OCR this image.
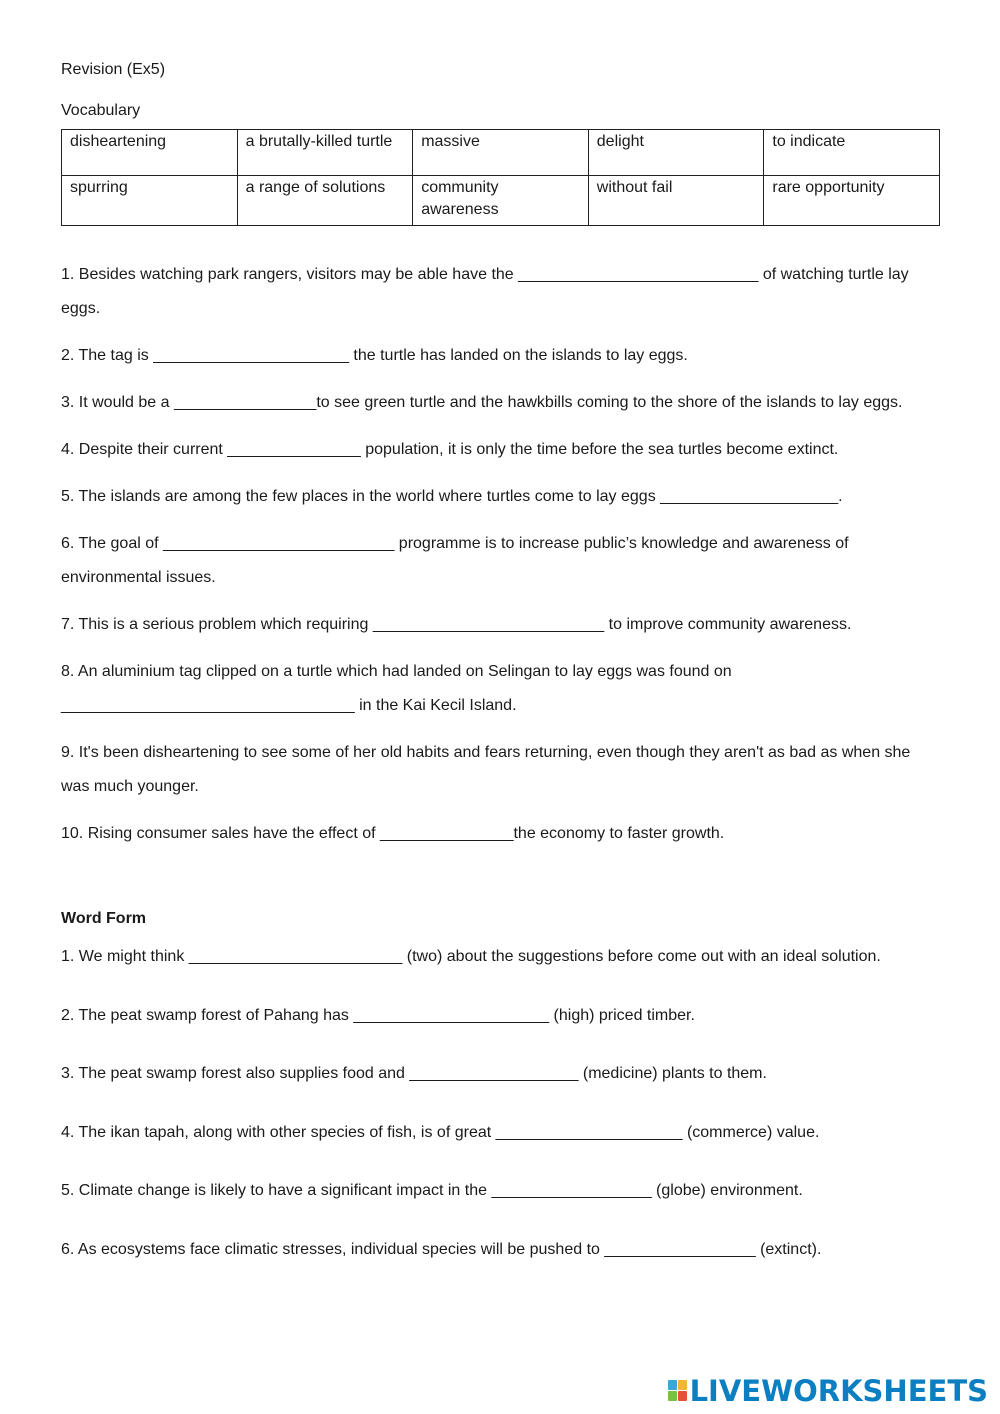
Revision (Ex5)
Vocabulary
disheartening	a brutally-killed turtle	massive	delight	to indicate
spurring	a range of solutions	community awareness	without fail	rare opportunity

1. Besides watching park rangers, visitors may be able have the ___________________________ of watching turtle lay eggs.

2. The tag is ______________________ the turtle has landed on the islands to lay eggs.

3. It would be a ________________to see green turtle and the hawkbills coming to the shore of the islands to lay eggs.

4. Despite their current _______________ population, it is only the time before the sea turtles become extinct.

5. The islands are among the few places in the world where turtles come to lay eggs ____________________.

6. The goal of __________________________ programme is to increase public’s knowledge and awareness of environmental issues.

7. This is a serious problem which requiring __________________________ to improve community awareness.

8. An aluminium tag clipped on a turtle which had landed on Selingan to lay eggs was found on _________________________________ in the Kai Kecil Island.

9. It's been disheartening to see some of her old habits and fears returning, even though they aren't as bad as when she was much younger.

10. Rising consumer sales have the effect of _______________the economy to faster growth.

Word Form

1. We might think ________________________ (two) about the suggestions before come out with an ideal solution.

2. The peat swamp forest of Pahang has ______________________ (high) priced timber.

3. The peat swamp forest also supplies food and ___________________ (medicine) plants to them.

4. The ikan tapah, along with other species of fish, is of great _____________________ (commerce) value.

5. Climate change is likely to have a significant impact in the __________________ (globe) environment.

6. As ecosystems face climatic stresses, individual species will be pushed to _________________ (extinct).

LIVEWORKSHEETS
